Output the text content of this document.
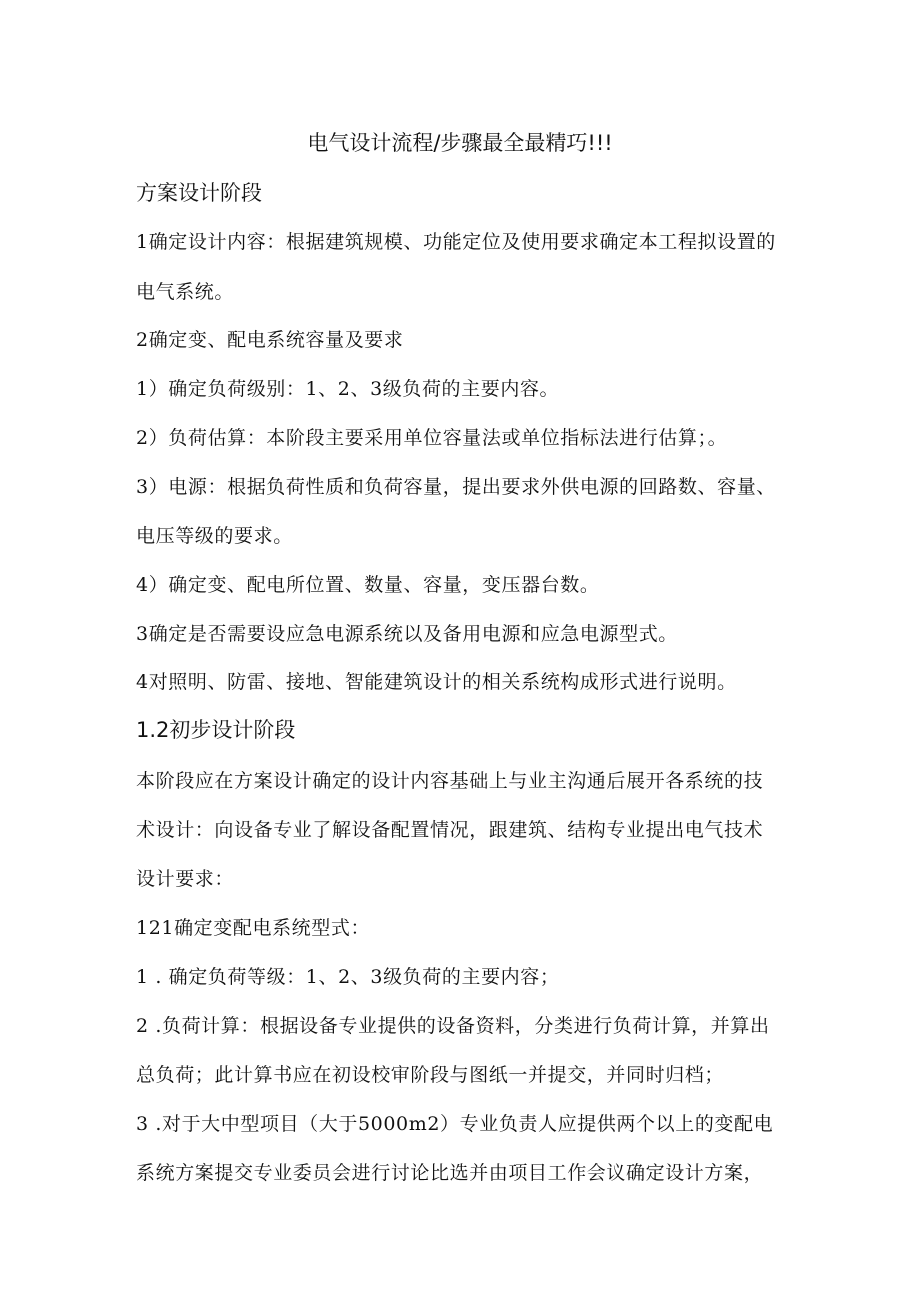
电气设计流程/步骤最全最精巧!!!
方案设计阶段
1确定设计内容：根据建筑规模、功能定位及使用要求确定本工程拟设置的
电气系统。
2确定变、配电系统容量及要求
1）确定负荷级别：1、2、3级负荷的主要内容。
2）负荷估算：本阶段主要采用单位容量法或单位指标法进行估算；。
3）电源：根据负荷性质和负荷容量，提出要求外供电源的回路数、容量、
电压等级的要求。
4）确定变、配电所位置、数量、容量，变压器台数。
3确定是否需要设应急电源系统以及备用电源和应急电源型式。
4对照明、防雷、接地、智能建筑设计的相关系统构成形式进行说明。
1.2初步设计阶段
本阶段应在方案设计确定的设计内容基础上与业主沟通后展开各系统的技
术设计：向设备专业了解设备配置情况，跟建筑、结构专业提出电气技术
设计要求：
121确定变配电系统型式：
1 . 确定负荷等级：1、2、3级负荷的主要内容；
2 .负荷计算：根据设备专业提供的设备资料，分类进行负荷计算，并算出
总负荷；此计算书应在初设校审阶段与图纸一并提交，并同时归档；
3 .对于大中型项目（大于5000m2）专业负责人应提供两个以上的变配电
系统方案提交专业委员会进行讨论比选并由项目工作会议确定设计方案，
